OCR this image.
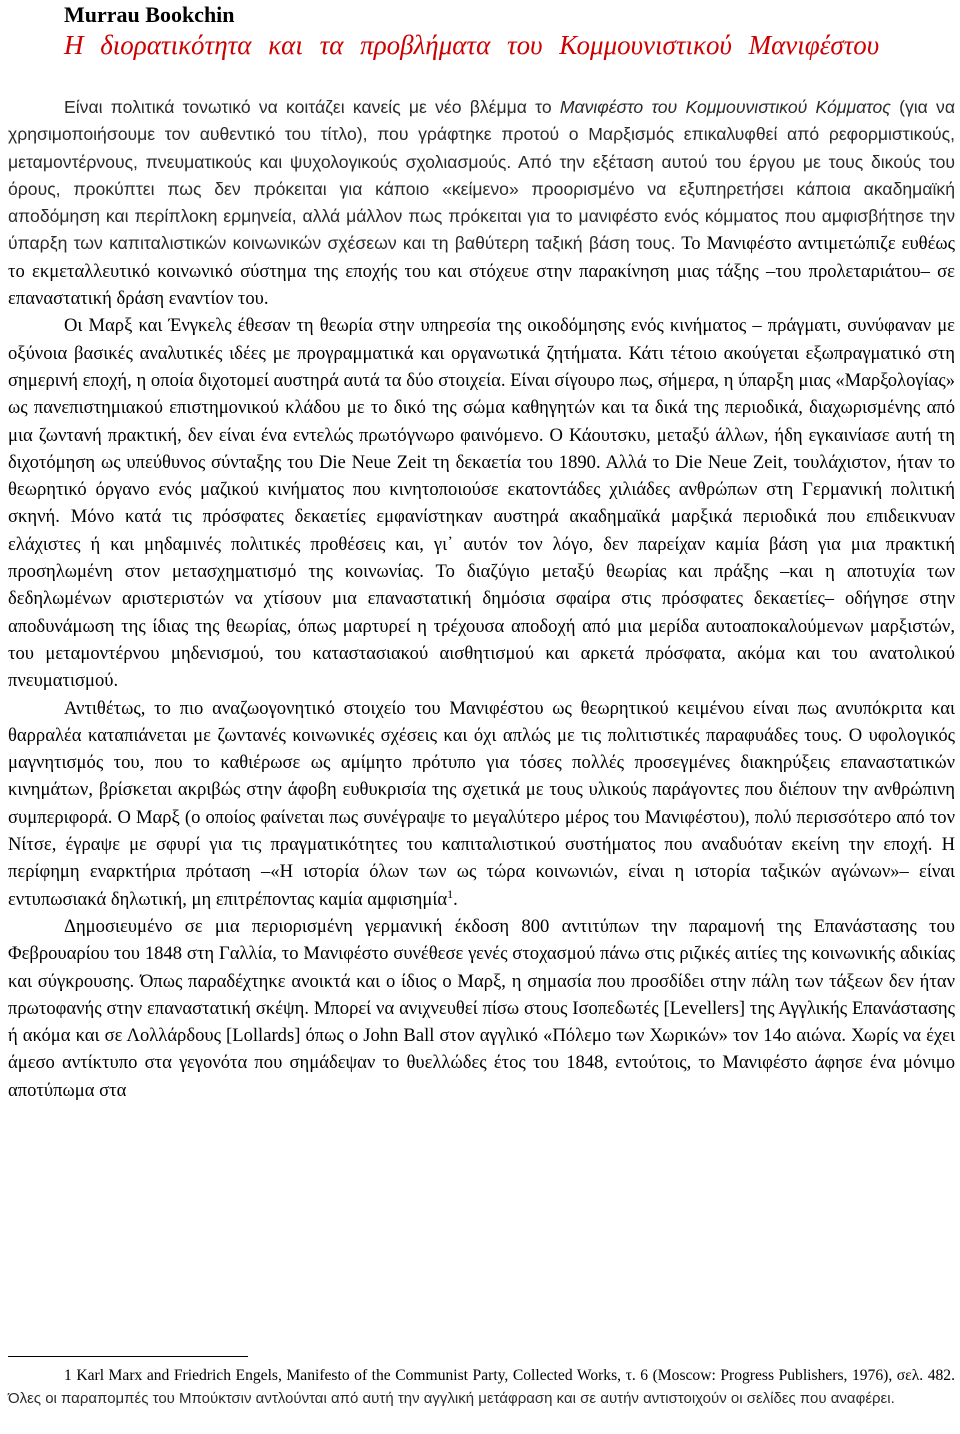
Murrau Bookchin
Η διορατικότητα και τα προβλήματα του Κομμουνιστικού Μανιφέστου

Είναι πολιτικά τονωτικό να κοιτάζει κανείς με νέο βλέμμα το Μανιφέστο του Κομμουνιστικού Κόμματος (για να χρησιμοποιήσουμε τον αυθεντικό του τίτλο), που γράφτηκε προτού ο Μαρξισμός επικαλυφθεί από ρεφορμιστικούς, μεταμοντέρνους, πνευματικούς και ψυχολογικούς σχολιασμούς. Από την εξέταση αυτού του έργου με τους δικούς του όρους, προκύπτει πως δεν πρόκειται για κάποιο «κείμενο» προορισμένο να εξυπηρετήσει κάποια ακαδημαϊκή αποδόμηση και περίπλοκη ερμηνεία, αλλά μάλλον πως πρόκειται για το μανιφέστο ενός κόμματος που αμφισβήτησε την ύπαρξη των καπιταλιστικών κοινωνικών σχέσεων και τη βαθύτερη ταξική βάση τους. Το Μανιφέστο αντιμετώπιζε ευθέως το εκμεταλλευτικό κοινωνικό σύστημα της εποχής του και στόχευε στην παρακίνηση μιας τάξης –του προλεταριάτου– σε επαναστατική δράση εναντίον του.

Οι Μαρξ και Ένγκελς έθεσαν τη θεωρία στην υπηρεσία της οικοδόμησης ενός κινήματος – πράγματι, συνύφαναν με οξύνοια βασικές αναλυτικές ιδέες με προγραμματικά και οργανωτικά ζητήματα. Κάτι τέτοιο ακούγεται εξωπραγματικό στη σημερινή εποχή, η οποία διχοτομεί αυστηρά αυτά τα δύο στοιχεία. Είναι σίγουρο πως, σήμερα, η ύπαρξη μιας «Μαρξολογίας» ως πανεπιστημιακού επιστημονικού κλάδου με το δικό της σώμα καθηγητών και τα δικά της περιοδικά, διαχωρισμένης από μια ζωντανή πρακτική, δεν είναι ένα εντελώς πρωτόγνωρο φαινόμενο. Ο Κάουτσκυ, μεταξύ άλλων, ήδη εγκαινίασε αυτή τη διχοτόμηση ως υπεύθυνος σύνταξης του Die Neue Zeit τη δεκαετία του 1890. Αλλά το Die Neue Zeit, τουλάχιστον, ήταν το θεωρητικό όργανο ενός μαζικού κινήματος που κινητοποιούσε εκατοντάδες χιλιάδες ανθρώπων στη Γερμανική πολιτική σκηνή. Μόνο κατά τις πρόσφατες δεκαετίες εμφανίστηκαν αυστηρά ακαδημαϊκά μαρξικά περιοδικά που επιδεικνυαν ελάχιστες ή και μηδαμινές πολιτικές προθέσεις και, γι᾽ αυτόν τον λόγο, δεν παρείχαν καμία βάση για μια πρακτική προσηλωμένη στον μετασχηματισμό της κοινωνίας. Το διαζύγιο μεταξύ θεωρίας και πράξης –και η αποτυχία των δεδηλωμένων αριστεριστών να χτίσουν μια επαναστατική δημόσια σφαίρα στις πρόσφατες δεκαετίες– οδήγησε στην αποδυνάμωση της ίδιας της θεωρίας, όπως μαρτυρεί η τρέχουσα αποδοχή από μια μερίδα αυτοαποκαλούμενων μαρξιστών, του μεταμοντέρνου μηδενισμού, του καταστασιακού αισθητισμού και αρκετά πρόσφατα, ακόμα και του ανατολικού πνευματισμού.

Αντιθέτως, το πιο αναζωογονητικό στοιχείο του Μανιφέστου ως θεωρητικού κειμένου είναι πως ανυπόκριτα και θαρραλέα καταπιάνεται με ζωντανές κοινωνικές σχέσεις και όχι απλώς με τις πολιτιστικές παραφυάδες τους. Ο υφολογικός μαγνητισμός του, που το καθιέρωσε ως αμίμητο πρότυπο για τόσες πολλές προσεγμένες διακηρύξεις επαναστατικών κινημάτων, βρίσκεται ακριβώς στην άφοβη ευθυκρισία της σχετικά με τους υλικούς παράγοντες που διέπουν την ανθρώπινη συμπεριφορά. Ο Μαρξ (ο οποίος φαίνεται πως συνέγραψε το μεγαλύτερο μέρος του Μανιφέστου), πολύ περισσότερο από τον Νίτσε, έγραψε με σφυρί για τις πραγματικότητες του καπιταλιστικού συστήματος που αναδυόταν εκείνη την εποχή. Η περίφημη εναρκτήρια πρόταση –«Η ιστορία όλων των ως τώρα κοινωνιών, είναι η ιστορία ταξικών αγώνων»– είναι εντυπωσιακά δηλωτική, μη επιτρέποντας καμία αμφισημία$^1$.

Δημοσιευμένο σε μια περιορισμένη γερμανική έκδοση 800 αντιτύπων την παραμονή της Επανάστασης του Φεβρουαρίου του 1848 στη Γαλλία, το Μανιφέστο συνέθεσε γενές στοχασμού πάνω στις ριζικές αιτίες της κοινωνικής αδικίας και σύγκρουσης. Όπως παραδέχτηκε ανοικτά και ο ίδιος ο Μαρξ, η σημασία που προσδίδει στην πάλη των τάξεων δεν ήταν πρωτοφανής στην επαναστατική σκέψη. Μπορεί να ανιχνευθεί πίσω στους Ισοπεδωτές [Levellers] της Αγγλικής Επανάστασης ή ακόμα και σε Λολλάρδους [Lollards] όπως ο John Ball στον αγγλικό «Πόλεμο των Χωρικών» τον 14ο αιώνα. Χωρίς να έχει άμεσο αντίκτυπο στα γεγονότα που σημάδεψαν το θυελλώδες έτος του 1848, εντούτοις, το Μανιφέστο άφησε ένα μόνιμο αποτύπωμα στα

1 Karl Marx and Friedrich Engels, Manifesto of the Communist Party, Collected Works, τ. 6 (Moscow: Progress Publishers, 1976), σελ. 482. Όλες οι παραπομπές του Μπούκτσιν αντλούνται από αυτή την αγγλική μετάφραση και σε αυτήν αντιστοιχούν οι σελίδες που αναφέρει.
